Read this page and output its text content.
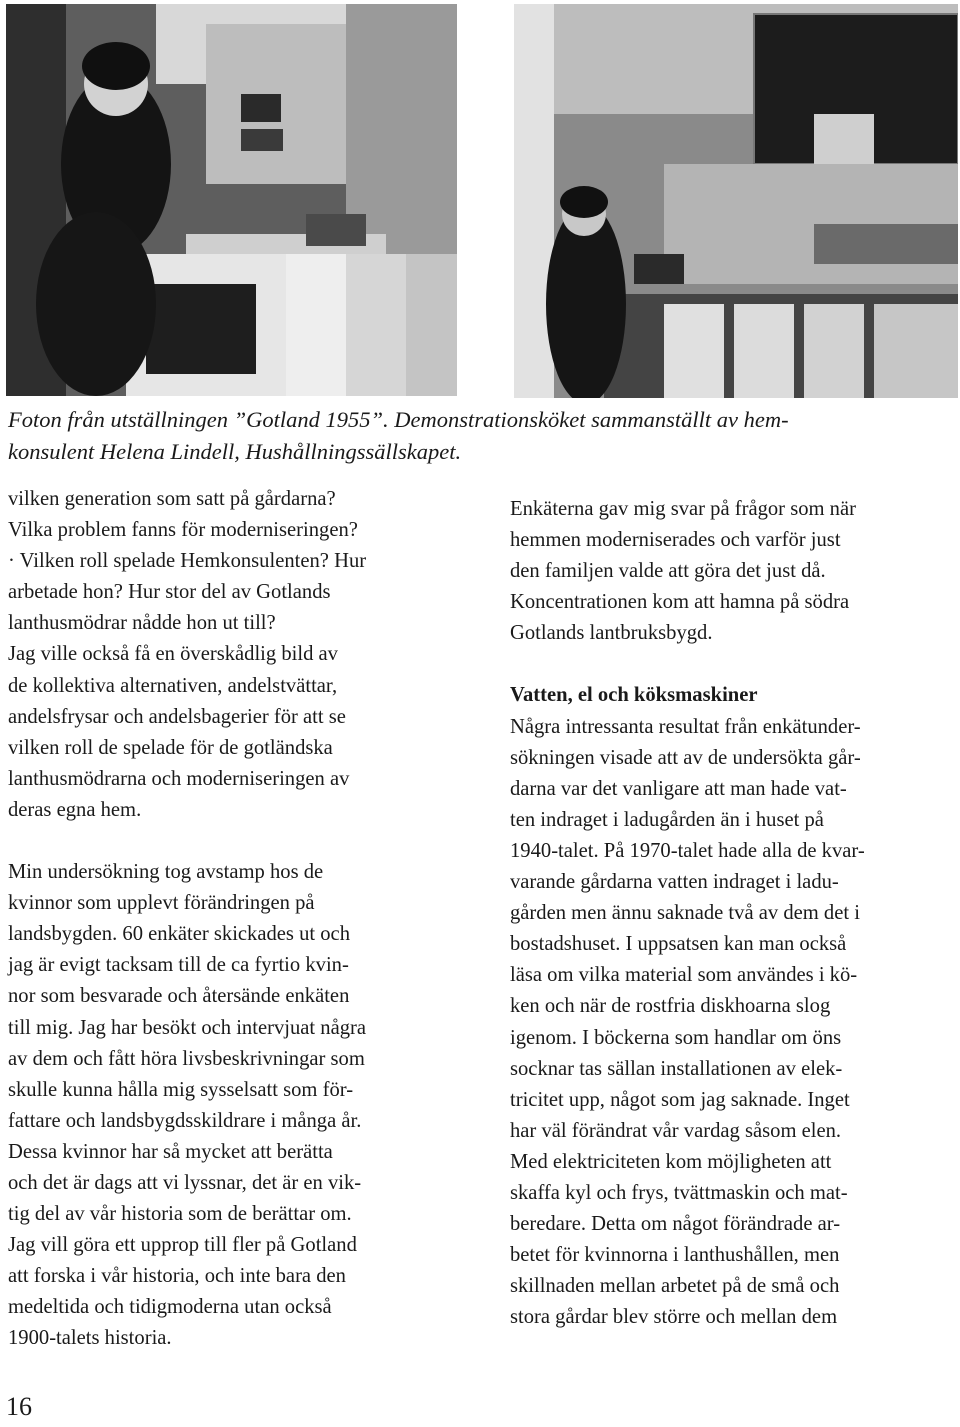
Foton från utställningen ”Gotland 1955”. Demonstrationsköket sammanställt av hem-

konsulent Helena Lindell, Hushållningssällskapet.

vilken generation som satt på gårdarna?

Vilka problem fanns för moderniseringen?

· Vilken roll spelade Hemkonsulenten? Hur

arbetade hon? Hur stor del av Gotlands

lanthusmödrar nådde hon ut till?

Jag ville också få en överskådlig bild av

de kollektiva alternativen, andelstvättar,

andelsfrysar och andelsbagerier för att se

vilken roll de spelade för de gotländska

lanthusmödrarna och moderniseringen av

deras egna hem.

Min undersökning tog avstamp hos de

kvinnor som upplevt förändringen på

landsbygden. 60 enkäter skickades ut och

jag är evigt tacksam till de ca fyrtio kvin-

nor som besvarade och återsände enkäten

till mig. Jag har besökt och intervjuat några

av dem och fått höra livsbeskrivningar som

skulle kunna hålla mig sysselsatt som för-

fattare och landsbygdsskildrare i många år.

Dessa kvinnor har så mycket att berätta

och det är dags att vi lyssnar, det är en vik-

tig del av vår historia som de berättar om.

Jag vill göra ett upprop till fler på Gotland

att forska i vår historia, och inte bara den

medeltida och tidigmoderna utan också

1900-talets historia.

Enkäterna gav mig svar på frågor som när

hemmen moderniserades och varför just

den familjen valde att göra det just då.

Koncentrationen kom att hamna på södra

Gotlands lantbruksbygd.

Vatten, el och köksmaskiner

Några intressanta resultat från enkätunder-

sökningen visade att av de undersökta går-

darna var det vanligare att man hade vat-

ten indraget i ladugården än i huset på

1940-talet. På 1970-talet hade alla de kvar-

varande gårdarna vatten indraget i ladu-

gården men ännu saknade två av dem det i

bostadshuset. I uppsatsen kan man också

läsa om vilka material som användes i kö-

ken och när de rostfria diskhoarna slog

igenom. I böckerna som handlar om öns

socknar tas sällan installationen av elek-

tricitet upp, något som jag saknade. Inget

har väl förändrat vår vardag såsom elen.

Med elektriciteten kom möjligheten att

skaffa kyl och frys, tvättmaskin och mat-

beredare. Detta om något förändrade ar-

betet för kvinnorna i lanthushållen, men

skillnaden mellan arbetet på de små och

stora gårdar blev större och mellan dem

16
